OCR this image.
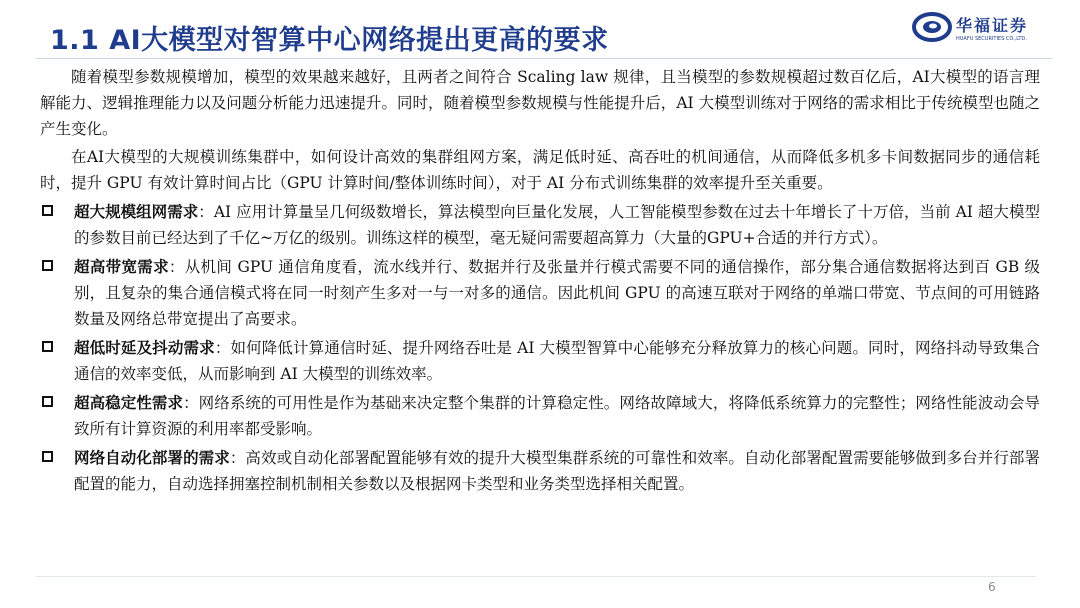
1.1 AI大模型对智算中心网络提出更高的要求	华福证券
HUAFU SECURITIES CO.,LTD.

随着模型参数规模增加，模型的效果越来越好，且两者之间符合 Scaling law 规律，且当模型的参数规模超过数百亿后，AI大模型的语言理解能力、逻辑推理能力以及问题分析能力迅速提升。同时，随着模型参数规模与性能提升后，AI 大模型训练对于网络的需求相比于传统模型也随之产生变化。

在AI大模型的大规模训练集群中，如何设计高效的集群组网方案，满足低时延、高吞吐的机间通信，从而降低多机多卡间数据同步的通信耗时，提升 GPU 有效计算时间占比（GPU 计算时间/整体训练时间），对于 AI 分布式训练集群的效率提升至关重要。

超大规模组网需求：AI 应用计算量呈几何级数增长，算法模型向巨量化发展，人工智能模型参数在过去十年增长了十万倍，当前 AI 超大模型的参数目前已经达到了千亿~万亿的级别。训练这样的模型，毫无疑问需要超高算力（大量的GPU+合适的并行方式）。
超高带宽需求：从机间 GPU 通信角度看，流水线并行、数据并行及张量并行模式需要不同的通信操作，部分集合通信数据将达到百 GB 级别，且复杂的集合通信模式将在同一时刻产生多对一与一对多的通信。因此机间 GPU 的高速互联对于网络的单端口带宽、节点间的可用链路数量及网络总带宽提出了高要求。
超低时延及抖动需求：如何降低计算通信时延、提升网络吞吐是 AI 大模型智算中心能够充分释放算力的核心问题。同时，网络抖动导致集合通信的效率变低，从而影响到 AI 大模型的训练效率。
超高稳定性需求：网络系统的可用性是作为基础来决定整个集群的计算稳定性。网络故障域大，将降低系统算力的完整性；网络性能波动会导致所有计算资源的利用率都受影响。
网络自动化部署的需求：高效或自动化部署配置能够有效的提升大模型集群系统的可靠性和效率。自动化部署配置需要能够做到多台并行部署配置的能力，自动选择拥塞控制机制相关参数以及根据网卡类型和业务类型选择相关配置。
6
